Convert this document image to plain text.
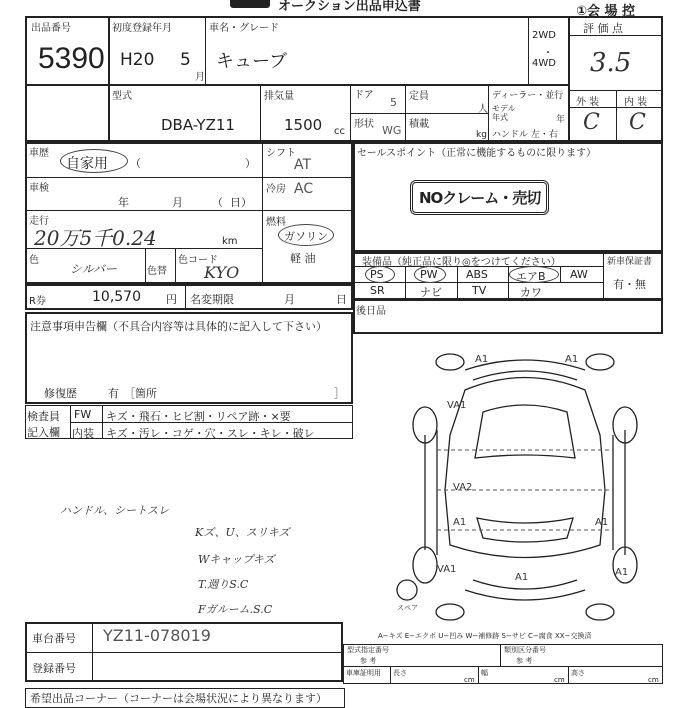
オークション出品申込書	①会 場 控
出品番号
5390
初度登録年月
H20 5
月
車名・グレード
キューブ
2WD
・
4WD
評 価 点
3.5
外 装 内 装
C C
型式
DBA-YZ11
排気量
1500 cc
ドア
5
形状 WG
定員
人
積載
kg
ディーラー・並行
モデル 年式	年
ハンドル 左・右
車歴
自家用 （	）
シフト
AT
冷房 AC
車検
年	月	（ 日）
走行
20万5千0.24	km
燃料
ガソリン
軽 油
色
シルバー	色替
色コード
KYO
R券	10,570 円 名変期限	月	日
注意事項申告欄（不具合内容等は具体的に記入して下さい）
修復歴	有 ［箇所	］
検査員
記入欄
FW キズ・飛石・ヒビ割・リペア跡・×要
内装 キズ・汚レ・コゲ・穴・スレ・キレ・破レ
ハンドル、シートスレ
Kズ、U、スリキズ
Wキャップキズ
T.週りS.C
Fガルーム.S.C
セールスポイント（正常に機能するものに限ります）
NOクレーム・売切
装備品（純正品に限り◎をつけてください）
PS	PW	ABS	エアB AW
SR	ナビ	TV	カワ
新車保証書
有・無
後日品
A1	A1
VA1
VA2
A1	A1
A1
VA1	A1
スペア
A−キズ E−エクボ U−凹み W−補修跡 S−サビ C−腐食 XX−交換済
車台番号 YZ11-078019
登録番号
型式指定番号
参 考
類別区分番号
参 考
車庫証明用 長さ
cm
幅
cm
高さ
cm
希望出品コーナー（コーナーは会場状況により異なります）
